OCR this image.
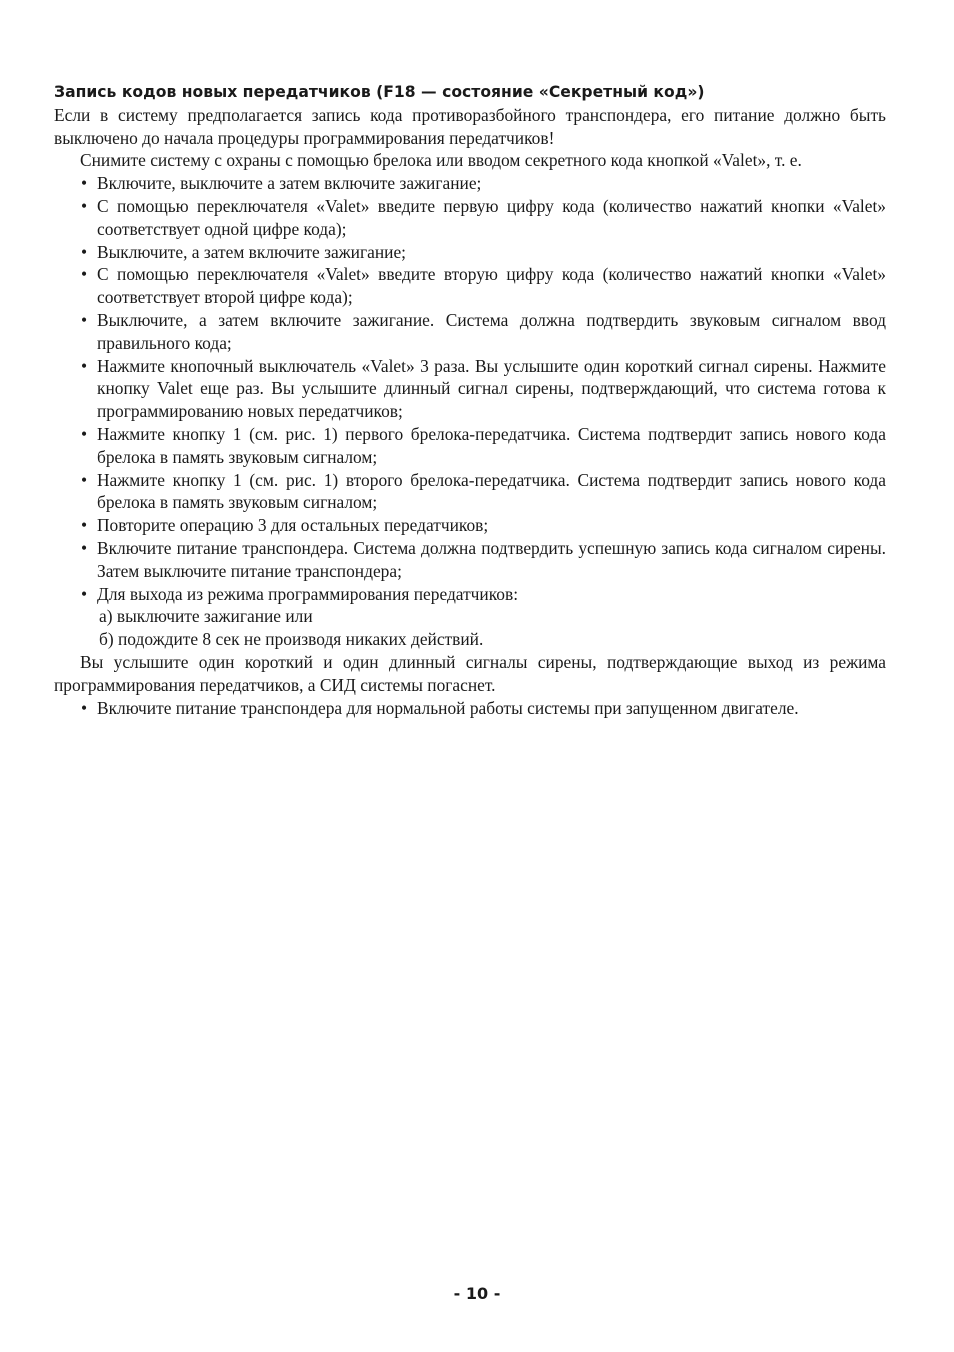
Запись кодов новых передатчиков (F18 — состояние «Секретный код»)

Если в систему предполагается запись кода противоразбойного транспондера, его питание должно быть выключено до начала процедуры программирования передатчиков!

Снимите систему с охраны с помощью брелока или вводом секретного кода кнопкой «Valet», т. е.

• Включите, выключите а затем включите зажигание;
• С помощью переключателя «Valet» введите первую цифру кода (количество нажатий кнопки «Valet» соответствует одной цифре кода);
• Выключите, а затем включите зажигание;
• С помощью переключателя «Valet» введите вторую цифру кода (количество нажатий кнопки «Valet» соответствует второй цифре кода);
• Выключите, а затем включите зажигание. Система должна подтвердить звуковым сигналом ввод правильного кода;
• Нажмите кнопочный выключатель «Valet» 3 раза. Вы услышите один короткий сигнал сирены. Нажмите кнопку Valet еще раз. Вы услышите длинный сигнал сирены, подтверждающий, что система готова к программированию новых передатчиков;
• Нажмите кнопку 1 (см. рис. 1) первого брелока-передатчика. Система подтвердит запись нового кода брелока в память звуковым сигналом;
• Нажмите кнопку 1 (см. рис. 1) второго брелока-передатчика. Система подтвердит запись нового кода брелока в память звуковым сигналом;
• Повторите операцию 3 для остальных передатчиков;
• Включите питание транспондера. Система должна подтвердить успешную запись кода сигналом сирены. Затем выключите питание транспондера;
• Для выхода из режима программирования передатчиков:

а) выключите зажигание или

б) подождите 8 сек не производя никаких действий.

Вы услышите один короткий и один длинный сигналы сирены, подтверждающие выход из режима программирования передатчиков, а СИД системы погаснет.

• Включите питание транспондера для нормальной работы системы при запущенном двигателе.
- 10 -
